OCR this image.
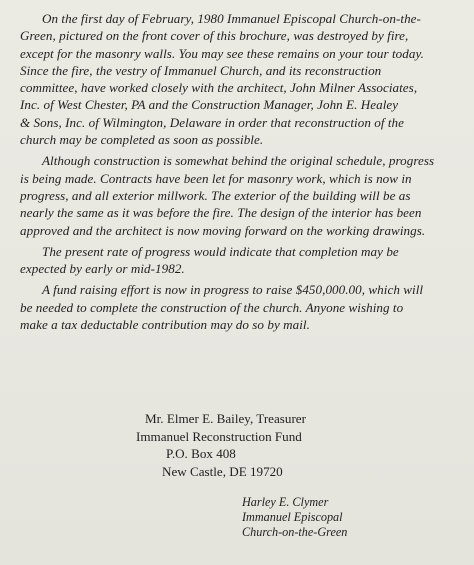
On the first day of February, 1980 Immanuel Episcopal Church-on-the-
Green, pictured on the front cover of this brochure, was destroyed by fire,
except for the masonry walls. You may see these remains on your tour today.
Since the fire, the vestry of Immanuel Church, and its reconstruction
committee, have worked closely with the architect, John Milner Associates,
Inc. of West Chester, PA and the Construction Manager, John E. Healey
& Sons, Inc. of Wilmington, Delaware in order that reconstruction of the
church may be completed as soon as possible.
Although construction is somewhat behind the original schedule, progress
is being made. Contracts have been let for masonry work, which is now in
progress, and all exterior millwork. The exterior of the building will be as
nearly the same as it was before the fire. The design of the interior has been
approved and the architect is now moving forward on the working drawings.
The present rate of progress would indicate that completion may be
expected by early or mid-1982.
A fund raising effort is now in progress to raise $450,000.00, which will
be needed to complete the construction of the church. Anyone wishing to
make a tax deductable contribution may do so by mail.
Mr. Elmer E. Bailey, Treasurer
Immanuel Reconstruction Fund
P.O. Box 408
New Castle, DE 19720
Harley E. Clymer
Immanuel Episcopal
Church-on-the-Green
